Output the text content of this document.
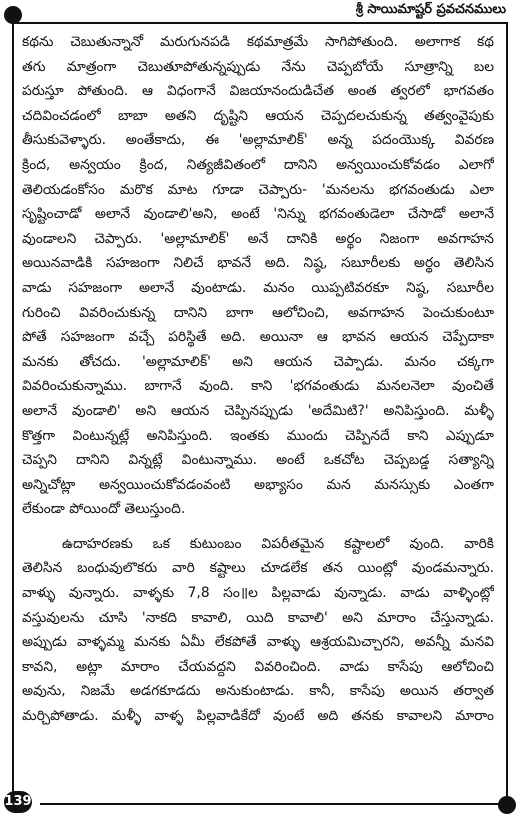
శ్రీ సాయిమాష్టర్ ప్రవచనములు
కథను చెబుతున్నానో మరుగునపడి కథమాత్రమే సాగిపోతుంది. అలాగాక కథ
తగు మాత్రంగా చెబుతూపోతున్నప్పుడు నేను చెప్పబోయే సూత్రాన్ని బల
పరుస్తూ పోతుంది. ఆ విధంగానే విజయానందుడిచేత అంత త్వరలో భాగవతం
చదివించడంలో బాబా అతని దృష్టిని ఆయన చెప్పదలచుకున్న తత్వంవైపుకు
తీసుకువెళ్ళారు. అంతేకాదు, ఈ 'అల్లామాలిక్' అన్న పదంయొక్క వివరణ
క్రింద, అన్వయం క్రింద, నిత్యజీవితంలో దానిని అన్వయించుకోవడం ఎలాగో
తెలియడంకోసం మరొక మాట గూడా చెప్పారు- 'మనలను భగవంతుడు ఎలా
సృష్టించాడో అలానే వుండాలి'అని, అంటే 'నిన్ను భగవంతుడెలా చేసాడో అలానే
వుండాలని చెప్పారు. 'అల్లామాలిక్' అనే దానికి అర్థం నిజంగా అవగాహన
అయినవాడికి సహజంగా నిలిచే భావనే అది. నిష్ఠ, సబూరీలకు అర్థం తెలిసిన
వాడు సహజంగా అలానే వుంటాడు. మనం యిప్పటివరకూ నిష్ఠ, సబూరీల
గురించి వివరించుకున్న దానిని బాగా ఆలోచించి, అవగాహన పెంచుకుంటూ
పోతే సహజంగా వచ్చే పరిస్థితే అది. అయినా ఆ భావన ఆయన చెప్పేదాకా
మనకు తోచదు. 'అల్లామాలిక్' అని ఆయన చెప్పాడు. మనం చక్కగా
వివరించుకున్నాము. బాగానే వుంది. కాని 'భగవంతుడు మనలనెలా వుంచితే
అలానే వుండాలి' అని ఆయన చెప్పినప్పుడు 'అదేమిటి?' అనిపిస్తుంది. మళ్ళీ
కొత్తగా వింటున్నట్లే అనిపిస్తుంది. ఇంతకు ముందు చెప్పినదే కాని ఎప్పుడూ
చెప్పని దానిని విన్నట్లే వింటున్నాము. అంటే ఒకచోట చెప్పబడ్డ సత్యాన్ని
అన్నిచోట్లా అన్వయించుకోవడంవంటి అభ్యాసం మన మనస్సుకు ఎంతగా
లేకుండా పోయిందో తెలుస్తుంది.
ఉదాహరణకు ఒక కుటుంబం విపరీతమైన కష్టాలలో వుంది. వారికి
తెలిసిన బంధువులొకరు వారి కష్టాలు చూడలేక తన యింట్లో వుండమన్నారు.
వాళ్ళు వున్నారు. వాళ్ళకు 7,8 సం॥ల పిల్లవాడు వున్నాడు. వాడు వాళ్ళింట్లో
వస్తువులను చూసి 'నాకది కావాలి, యిది కావాలి' అని మారాం చేస్తున్నాడు.
అప్పుడు వాళ్ళమ్మ మనకు ఏమీ లేకపోతే వాళ్ళు ఆశ్రయమిచ్చారని, అవన్నీ మనవి
కావని, అట్లా మారాం చేయవద్దని వివరించింది. వాడు కాసేపు ఆలోచించి
అవును, నిజమే అడగకూడదు అనుకుంటాడు. కానీ, కాసేపు అయిన తర్వాత
మర్చిపోతాడు. మళ్ళీ వాళ్ళ పిల్లవాడికేదో వుంటే అది తనకు కావాలని మారాం
139
